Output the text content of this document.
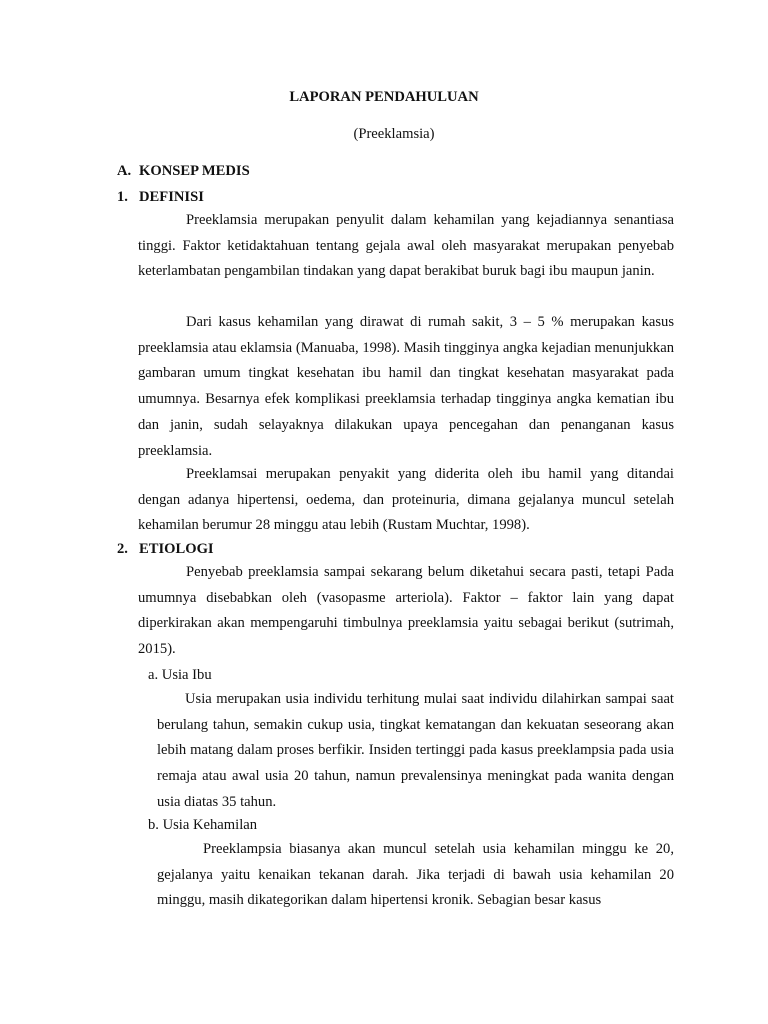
LAPORAN PENDAHULUAN
(Preeklamsia)
A. KONSEP MEDIS
1. DEFINISI

Preeklamsia merupakan penyulit dalam kehamilan yang kejadiannya senantiasa tinggi. Faktor ketidaktahuan tentang gejala awal oleh masyarakat merupakan penyebab keterlambatan pengambilan tindakan yang dapat berakibat buruk bagi ibu maupun janin.

Dari kasus kehamilan yang dirawat di rumah sakit, 3 – 5 % merupakan kasus preeklamsia atau eklamsia (Manuaba, 1998). Masih tingginya angka kejadian menunjukkan gambaran umum tingkat kesehatan ibu hamil dan tingkat kesehatan masyarakat pada umumnya. Besarnya efek komplikasi preeklamsia terhadap tingginya angka kematian ibu dan janin, sudah selayaknya dilakukan upaya pencegahan dan penanganan kasus preeklamsia.

Preeklamsai merupakan penyakit yang diderita oleh ibu hamil yang ditandai dengan adanya hipertensi, oedema, dan proteinuria, dimana gejalanya muncul setelah kehamilan berumur 28 minggu atau lebih (Rustam Muchtar, 1998).

2. ETIOLOGI

Penyebab preeklamsia sampai sekarang belum diketahui secara pasti, tetapi Pada umumnya disebabkan oleh (vasopasme arteriola). Faktor – faktor lain yang dapat diperkirakan akan mempengaruhi timbulnya preeklamsia yaitu sebagai berikut (sutrimah, 2015).

a. Usia Ibu

Usia merupakan usia individu terhitung mulai saat individu dilahirkan sampai saat berulang tahun, semakin cukup usia, tingkat kematangan dan kekuatan seseorang akan lebih matang dalam proses berfikir. Insiden tertinggi pada kasus preeklampsia pada usia remaja atau awal usia 20 tahun, namun prevalensinya meningkat pada wanita dengan usia diatas 35 tahun.

b. Usia Kehamilan

Preeklampsia biasanya akan muncul setelah usia kehamilan minggu ke 20, gejalanya yaitu kenaikan tekanan darah. Jika terjadi di bawah usia kehamilan 20 minggu, masih dikategorikan dalam hipertensi kronik. Sebagian besar kasus
